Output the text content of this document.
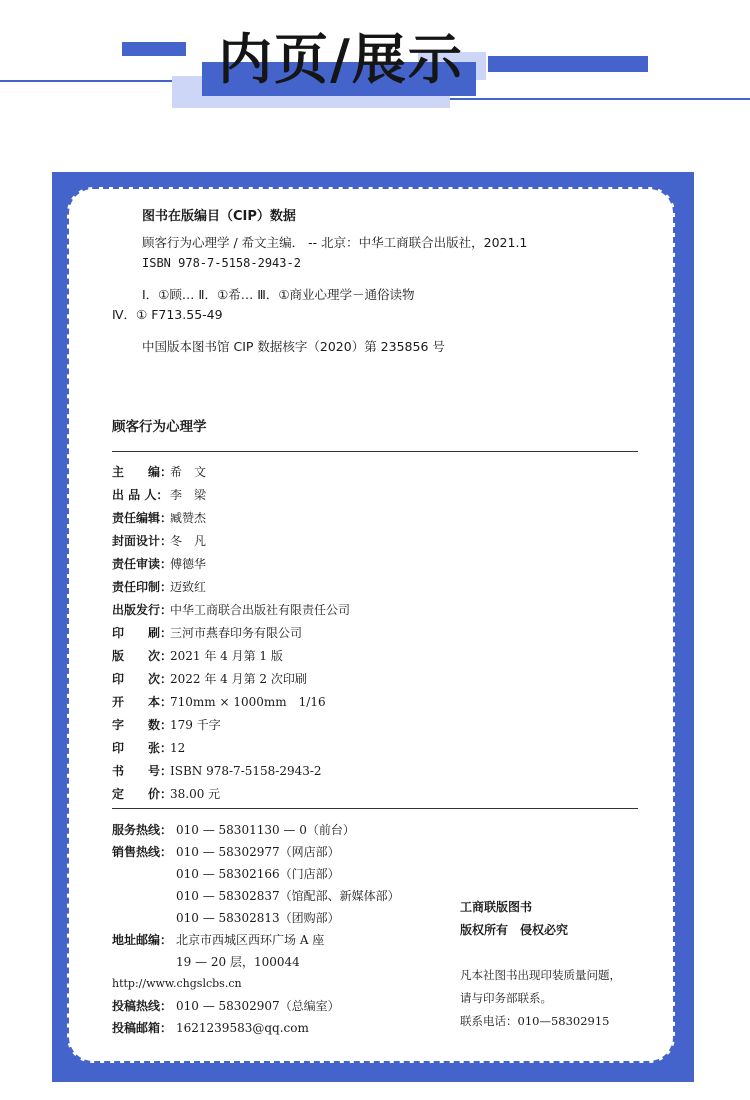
内页/展示
图书在版编目（CIP）数据
顾客行为心理学 / 希文主编． -- 北京：中华工商联合出版社，2021.1
ISBN 978-7-5158-2943-2
Ⅰ．①顾… Ⅱ．①希… Ⅲ．①商业心理学－通俗读物
Ⅳ．① F713.55-49
中国版本图书馆 CIP 数据核字（2020）第 235856 号
顾客行为心理学
主　　编：希　文
出 品 人： 李　梁
责任编辑：臧赞杰
封面设计：冬　凡
责任审读：傅德华
责任印制：迈致红
出版发行：中华工商联合出版社有限责任公司
印　　刷：三河市燕春印务有限公司
版　　次：2021 年 4 月第 1 版
印　　次：2022 年 4 月第 2 次印刷
开　　本：710mm × 1000mm　1/16
字　　数：179 千字
印　　张：12
书　　号：ISBN 978-7-5158-2943-2
定　　价：38.00 元
服务热线： 010 — 58301130 — 0（前台）
销售热线： 010 — 58302977（网店部）
010 — 58302166（门店部）
010 — 58302837（馆配部、新媒体部）
010 — 58302813（团购部）
地址邮编： 北京市西城区西环广场 A 座
19 — 20 层，100044
http://www.chgslcbs.cn
投稿热线： 010 — 58302907（总编室）
投稿邮箱： 1621239583@qq.com
工商联版图书
版权所有　侵权必究
凡本社图书出现印装质量问题，
请与印务部联系。
联系电话：010—58302915
